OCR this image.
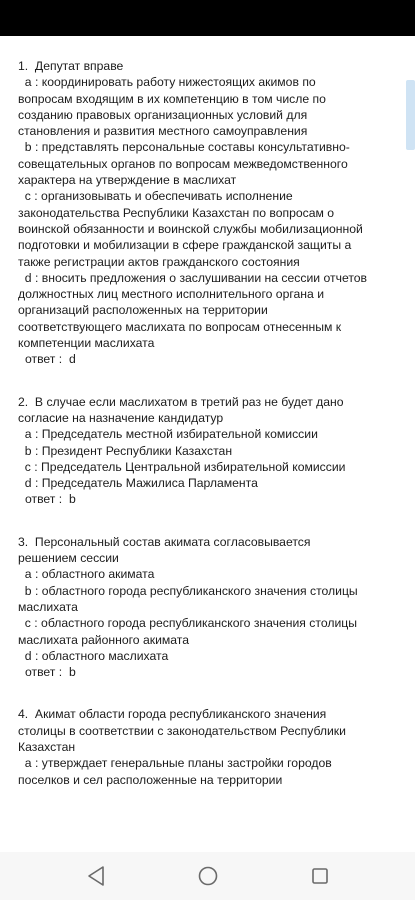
1.  Депутат вправе
a : координировать работу нижестоящих акимов по вопросам входящим в их компетенцию в том числе по созданию правовых организационных условий для становления и развития местного самоуправления
b : представлять персональные составы консультативно-совещательных органов по вопросам межведомственного характера на утверждение в маслихат
c : организовывать и обеспечивать исполнение законодательства Республики Казахстан по вопросам о воинской обязанности и воинской службы мобилизационной подготовки и мобилизации в сфере гражданской защиты а также регистрации актов гражданского состояния
d : вносить предложения о заслушивании на сессии отчетов должностных лиц местного исполнительного органа и организаций расположенных на территории соответствующего маслихата по вопросам отнесенным к компетенции маслихата
ответ : d
2.  В случае если маслихатом в третий раз не будет дано согласие на назначение кандидатур
a : Председатель местной избирательной комиссии
b : Президент Республики Казахстан
c : Председатель Центральной избирательной комиссии
d : Председатель Мажилиса Парламента
ответ : b
3.  Персональный состав акимата согласовывается решением сессии
a : областного акимата
b : областного города республиканского значения столицы маслихата
c : областного города республиканского значения столицы маслихата районного акимата
d : областного маслихата
ответ : b
4.  Акимат области города республиканского значения столицы в соответствии с законодательством Республики Казахстан
a : утверждает генеральные планы застройки городов поселков и сел расположенные на территории
